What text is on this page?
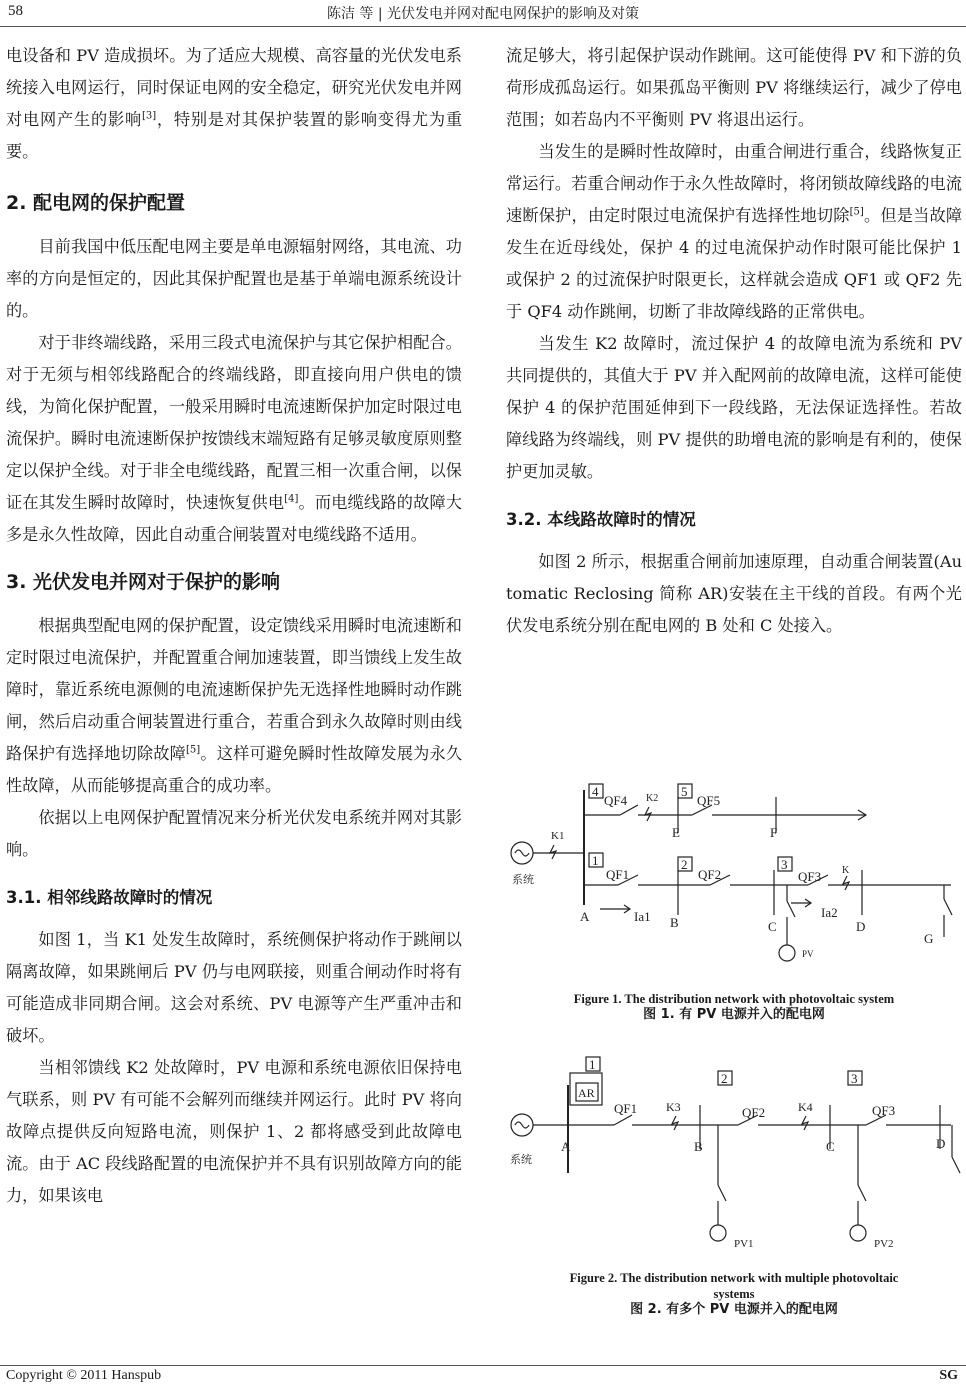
58	陈洁 等 | 光伏发电并网对配电网保护的影响及对策

电设备和 PV 造成损坏。为了适应大规模、高容量的光伏发电系统接入电网运行，同时保证电网的安全稳定，研究光伏发电并网对电网产生的影响[3]，特别是对其保护装置的影响变得尤为重要。

2. 配电网的保护配置

目前我国中低压配电网主要是单电源辐射网络，其电流、功率的方向是恒定的，因此其保护配置也是基于单端电源系统设计的。

对于非终端线路，采用三段式电流保护与其它保护相配合。对于无须与相邻线路配合的终端线路，即直接向用户供电的馈线，为简化保护配置，一般采用瞬时电流速断保护加定时限过电流保护。瞬时电流速断保护按馈线末端短路有足够灵敏度原则整定以保护全线。对于非全电缆线路，配置三相一次重合闸，以保证在其发生瞬时故障时，快速恢复供电[4]。而电缆线路的故障大多是永久性故障，因此自动重合闸装置对电缆线路不适用。

3. 光伏发电并网对于保护的影响

根据典型配电网的保护配置，设定馈线采用瞬时电流速断和定时限过电流保护，并配置重合闸加速装置，即当馈线上发生故障时，靠近系统电源侧的电流速断保护先无选择性地瞬时动作跳闸，然后启动重合闸装置进行重合，若重合到永久故障时则由线路保护有选择地切除故障[5]。这样可避免瞬时性故障发展为永久性故障，从而能够提高重合的成功率。

依据以上电网保护配置情况来分析光伏发电系统并网对其影响。

3.1. 相邻线路故障时的情况

如图 1，当 K1 处发生故障时，系统侧保护将动作于跳闸以隔离故障，如果跳闸后 PV 仍与电网联接，则重合闸动作时将有可能造成非同期合闸。这会对系统、PV 电源等产生严重冲击和破坏。

当相邻馈线 K2 处故障时，PV 电源和系统电源依旧保持电气联系，则 PV 有可能不会解列而继续并网运行。此时 PV 将向故障点提供反向短路电流，则保护 1、2 都将感受到此故障电流。由于 AC 段线路配置的电流保护并不具有识别故障方向的能力，如果该电

流足够大，将引起保护误动作跳闸。这可能使得 PV 和下游的负荷形成孤岛运行。如果孤岛平衡则 PV 将继续运行，减少了停电范围；如若岛内不平衡则 PV 将退出运行。

当发生的是瞬时性故障时，由重合闸进行重合，线路恢复正常运行。若重合闸动作于永久性故障时，将闭锁故障线路的电流速断保护，由定时限过电流保护有选择性地切除[5]。但是当故障发生在近母线处，保护 4 的过电流保护动作时限可能比保护 1 或保护 2 的过流保护时限更长，这样就会造成 QF1 或 QF2 先于 QF4 动作跳闸，切断了非故障线路的正常供电。

当发生 K2 故障时，流过保护 4 的故障电流为系统和 PV 共同提供的，其值大于 PV 并入配网前的故障电流，这样可能使保护 4 的保护范围延伸到下一段线路，无法保证选择性。若故障线路为终端线，则 PV 提供的助增电流的影响是有利的，使保护更加灵敏。

3.2. 本线路故障时的情况

如图 2 所示，根据重合闸前加速原理，自动重合闸装置(Automatic Reclosing 简称 AR)安装在主干线的首段。有两个光伏发电系统分别在配电网的 B 处和 C 处接入。

4	5
1	2	3
QF4	QF5
QF1	QF2	QF3
K1
K2
K
E	F
A	B	C	D
G
Ia1	Ia2
PV
系统
Figure 1. The distribution network with photovoltaic system
图 1. 有 PV 电源并入的配电网
1
2	3
AR
QF1	QF2	QF3
K3	K4
A	B	C	D
PV1	PV2
系统
Figure 2. The distribution network with multiple photovoltaic
systems
图 2. 有多个 PV 电源并入的配电网
Copyright © 2011 Hanspub	SG
